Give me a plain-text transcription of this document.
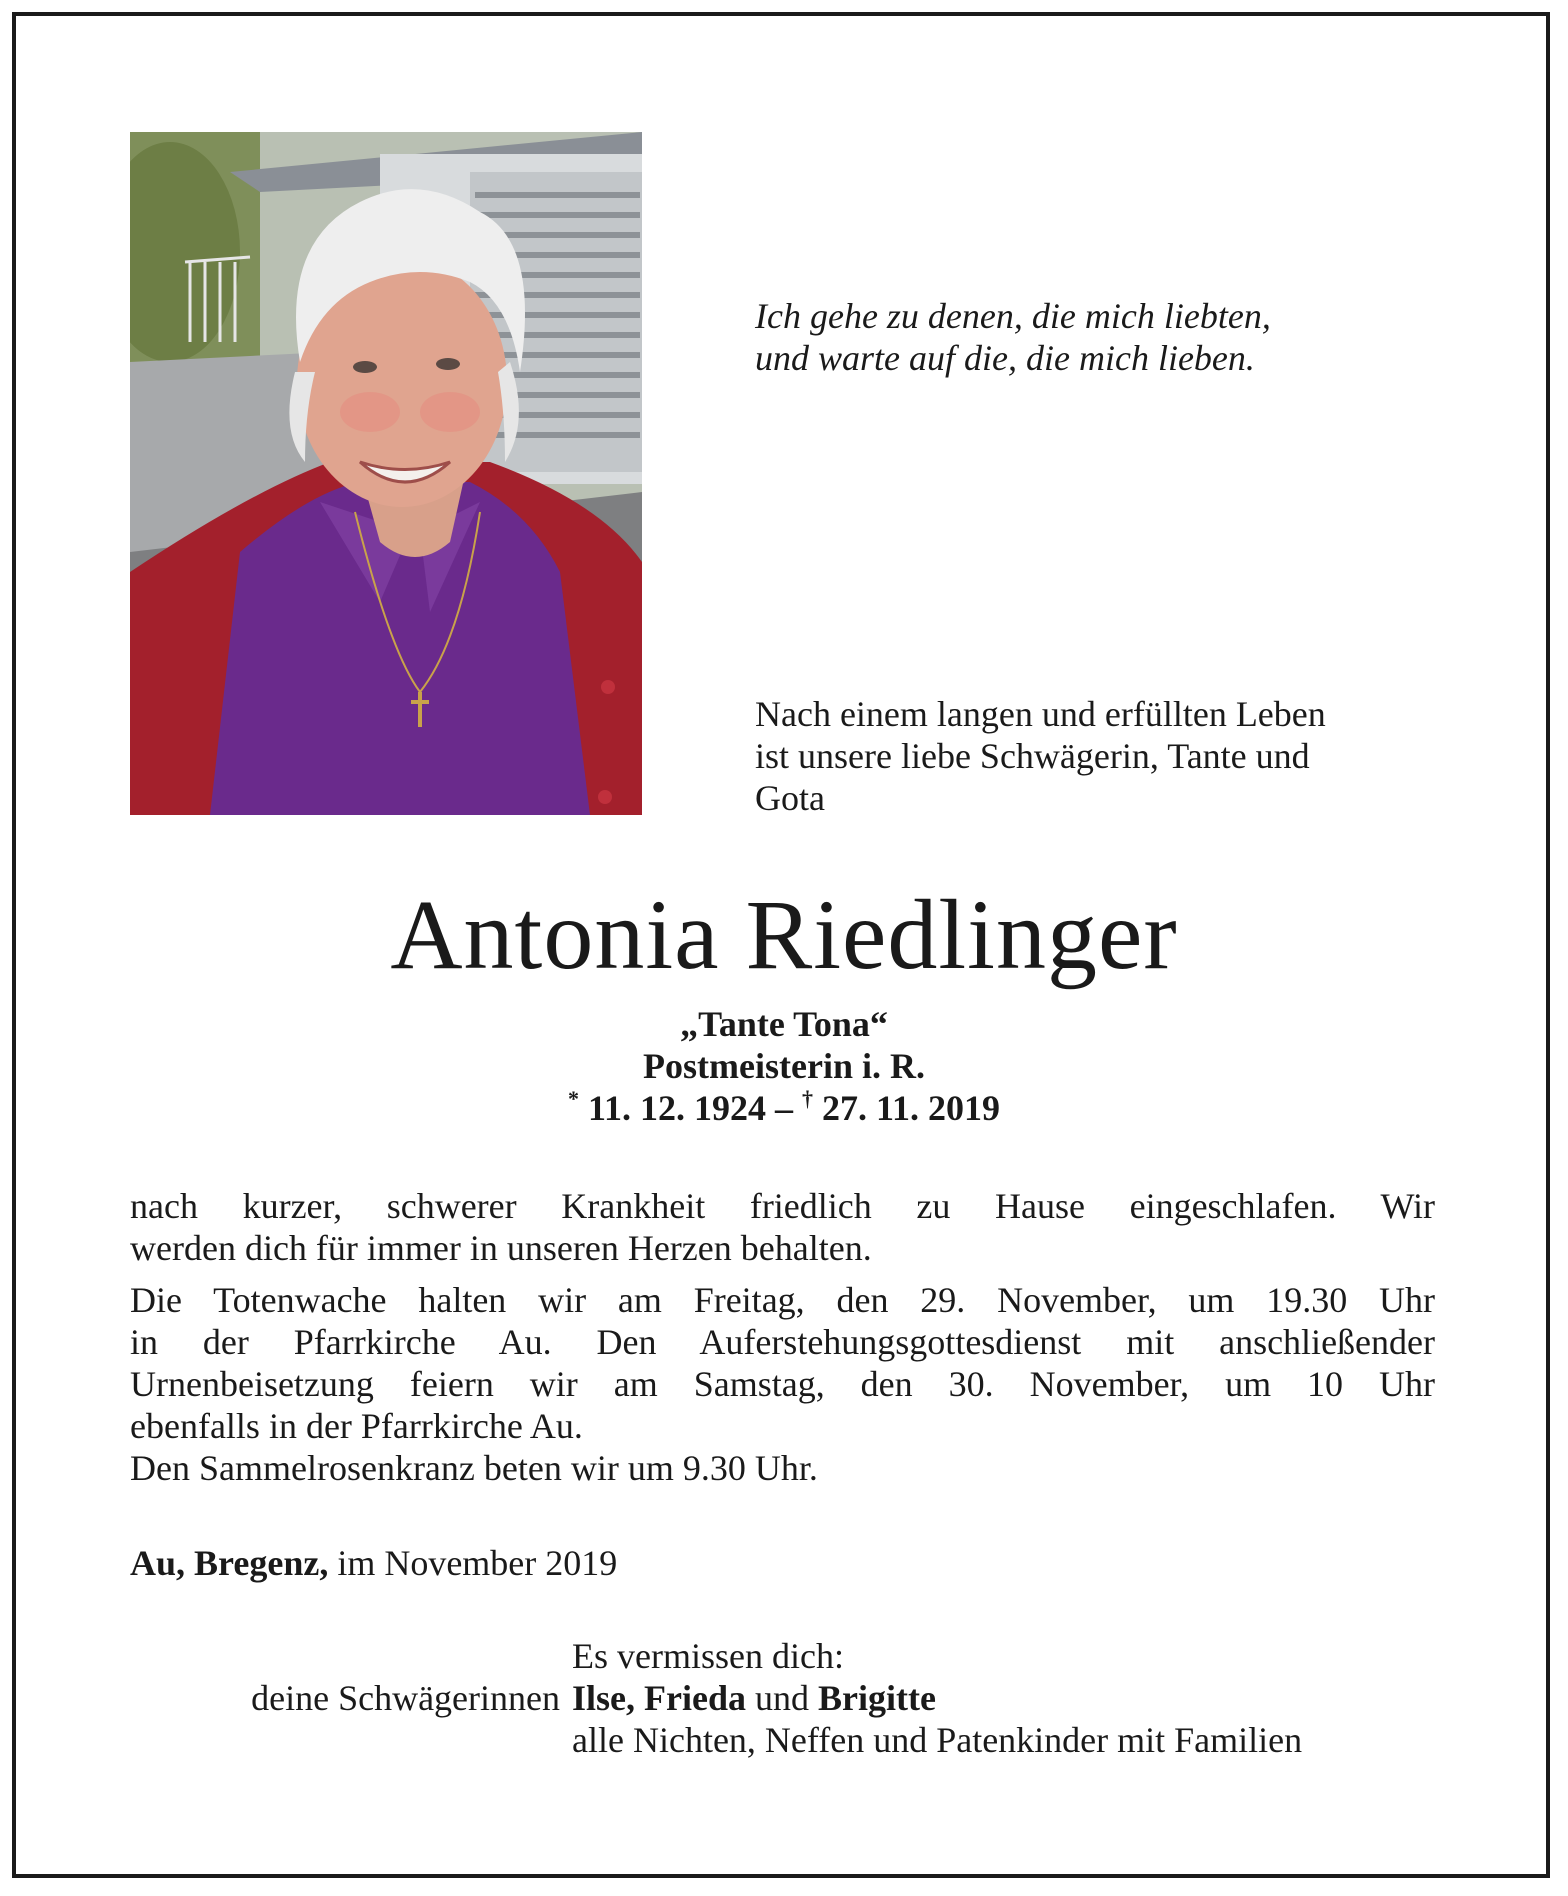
Ich gehe zu denen, die mich liebten,
und warte auf die, die mich lieben.
Nach einem langen und erfüllten Leben
ist unsere liebe Schwägerin, Tante und
Gota
Antonia Riedlinger
„Tante Tona“
Postmeisterin i. R.
* 11. 12. 1924 – † 27. 11. 2019
nach kurzer, schwerer Krankheit friedlich zu Hause eingeschlafen. Wir
werden dich für immer in unseren Herzen behalten.
Die Totenwache halten wir am Freitag, den 29. November, um 19.30 Uhr
in der Pfarrkirche Au. Den Auferstehungsgottesdienst mit anschließender
Urnenbeisetzung feiern wir am Samstag, den 30. November, um 10 Uhr
ebenfalls in der Pfarrkirche Au.
Den Sammelrosenkranz beten wir um 9.30 Uhr.
Au, Bregenz, im November 2019
Es vermissen dich:
deine Schwägerinnen Ilse, Frieda und Brigitte
alle Nichten, Neffen und Patenkinder mit Familien
